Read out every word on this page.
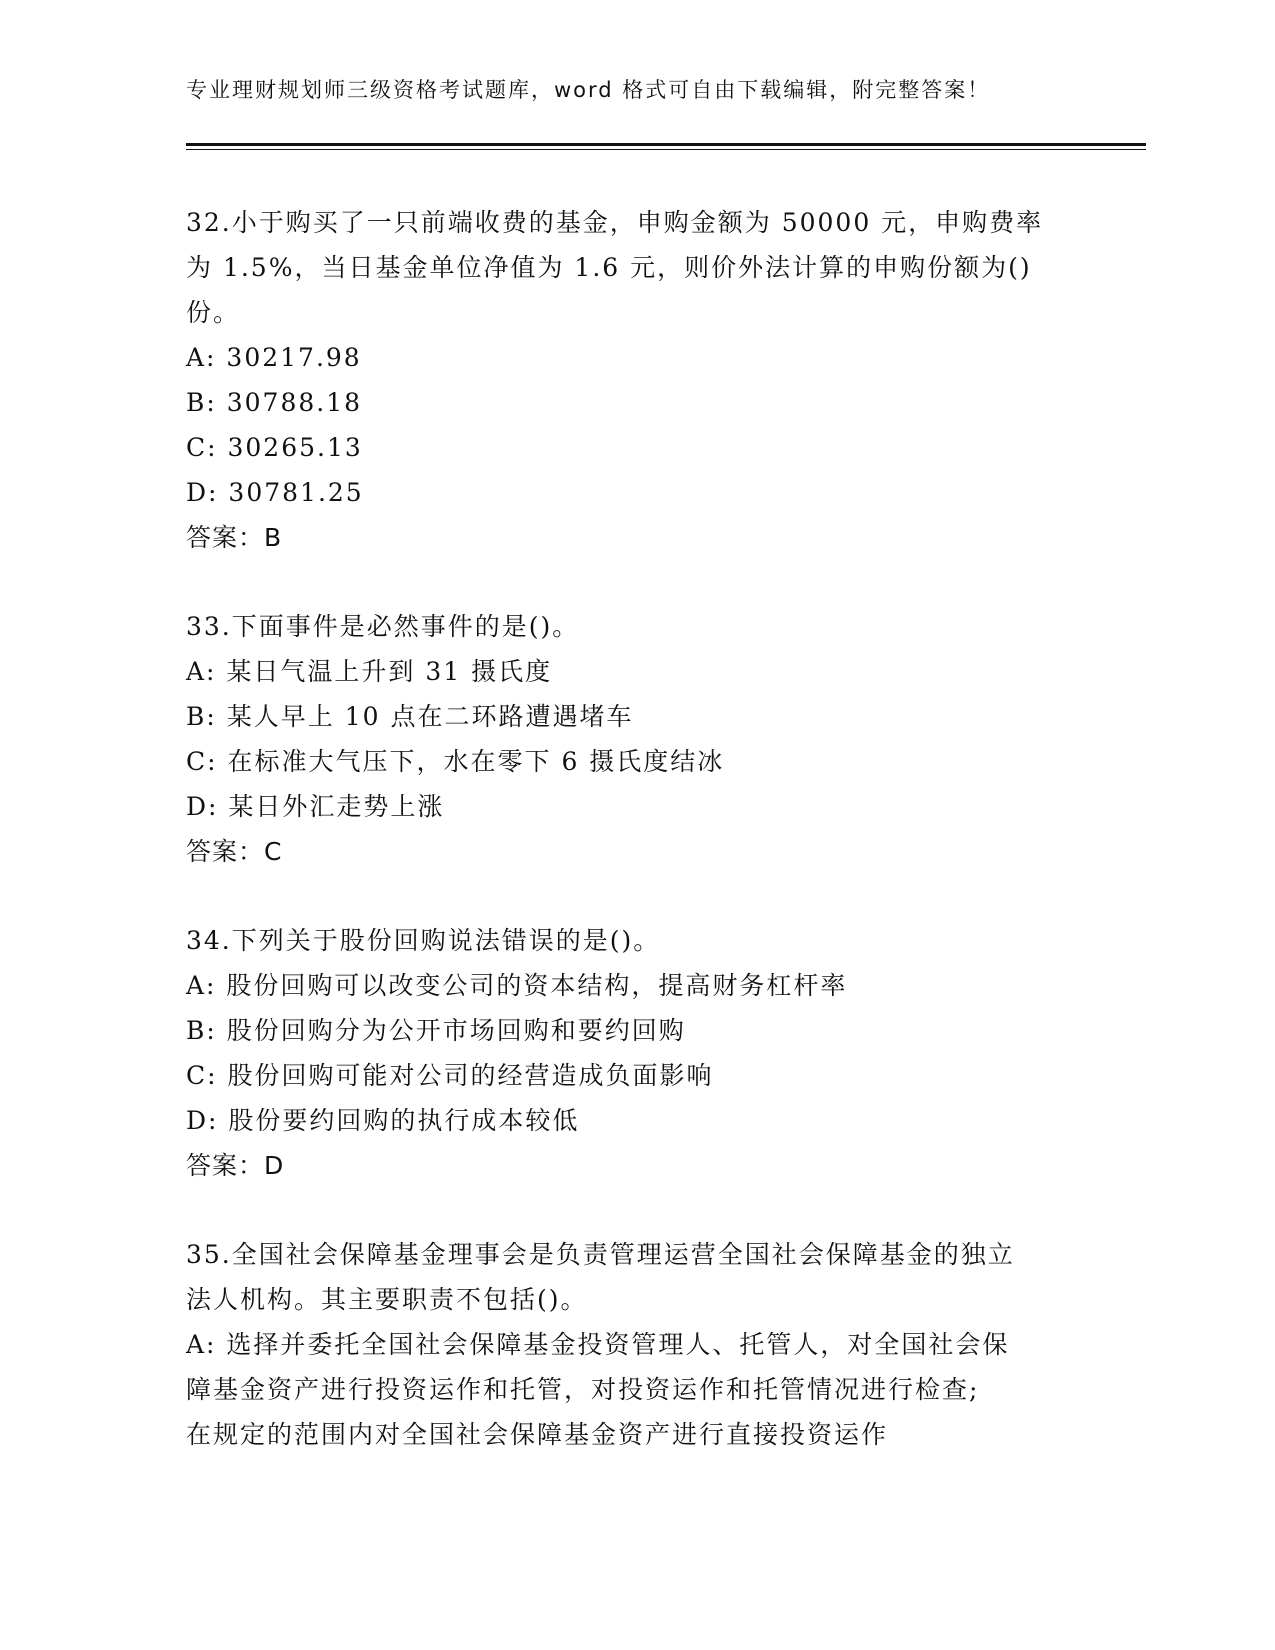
专业理财规划师三级资格考试题库，word 格式可自由下载编辑，附完整答案！

32.小于购买了一只前端收费的基金，申购金额为 50000 元，申购费率

为 1.5%，当日基金单位净值为 1.6 元，则价外法计算的申购份额为()

份。

A: 30217.98

B: 30788.18

C: 30265.13

D: 30781.25

答案：B

33.下面事件是必然事件的是()。

A: 某日气温上升到 31 摄氏度

B: 某人早上 10 点在二环路遭遇堵车

C: 在标准大气压下，水在零下 6 摄氏度结冰

D: 某日外汇走势上涨

答案：C

34.下列关于股份回购说法错误的是()。

A: 股份回购可以改变公司的资本结构，提高财务杠杆率

B: 股份回购分为公开市场回购和要约回购

C: 股份回购可能对公司的经营造成负面影响

D: 股份要约回购的执行成本较低

答案：D

35.全国社会保障基金理事会是负责管理运营全国社会保障基金的独立

法人机构。其主要职责不包括()。

A: 选择并委托全国社会保障基金投资管理人、托管人，对全国社会保

障基金资产进行投资运作和托管，对投资运作和托管情况进行检查;

在规定的范围内对全国社会保障基金资产进行直接投资运作
